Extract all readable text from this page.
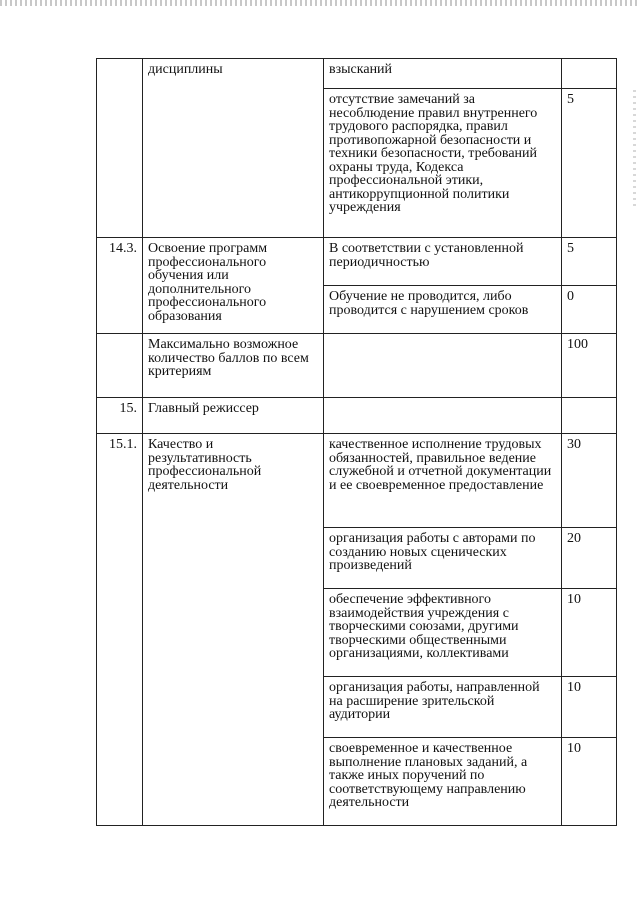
	дисциплины	взысканий	
		отсутствие замечаний за несоблюдение правил внутреннего трудового распорядка, правил противопожарной безопасности и техники безопасности, требований охраны труда, Кодекса профессиональной этики, антикоррупционной политики учреждения	5
14.3.	Освоение программ профессионального обучения или дополнительного профессионального образования	В соответствии с установленной периодичностью	5
		Обучение не проводится, либо проводится с нарушением сроков	0
	Максимально возможное количество баллов по всем критериям		100
15.	Главный режиссер		
15.1.	Качество и результативность профессиональной деятельности	качественное исполнение трудовых обязанностей, правильное ведение служебной и отчетной документации и ее своевременное предоставление	30
		организация работы с авторами по созданию новых сценических произведений	20
		обеспечение эффективного взаимодействия учреждения с творческими союзами, другими творческими общественными организациями, коллективами	10
		организация работы, направленной на расширение зрительской аудитории	10
		своевременное и качественное выполнение плановых заданий, а также иных поручений по соответствующему направлению деятельности	10
